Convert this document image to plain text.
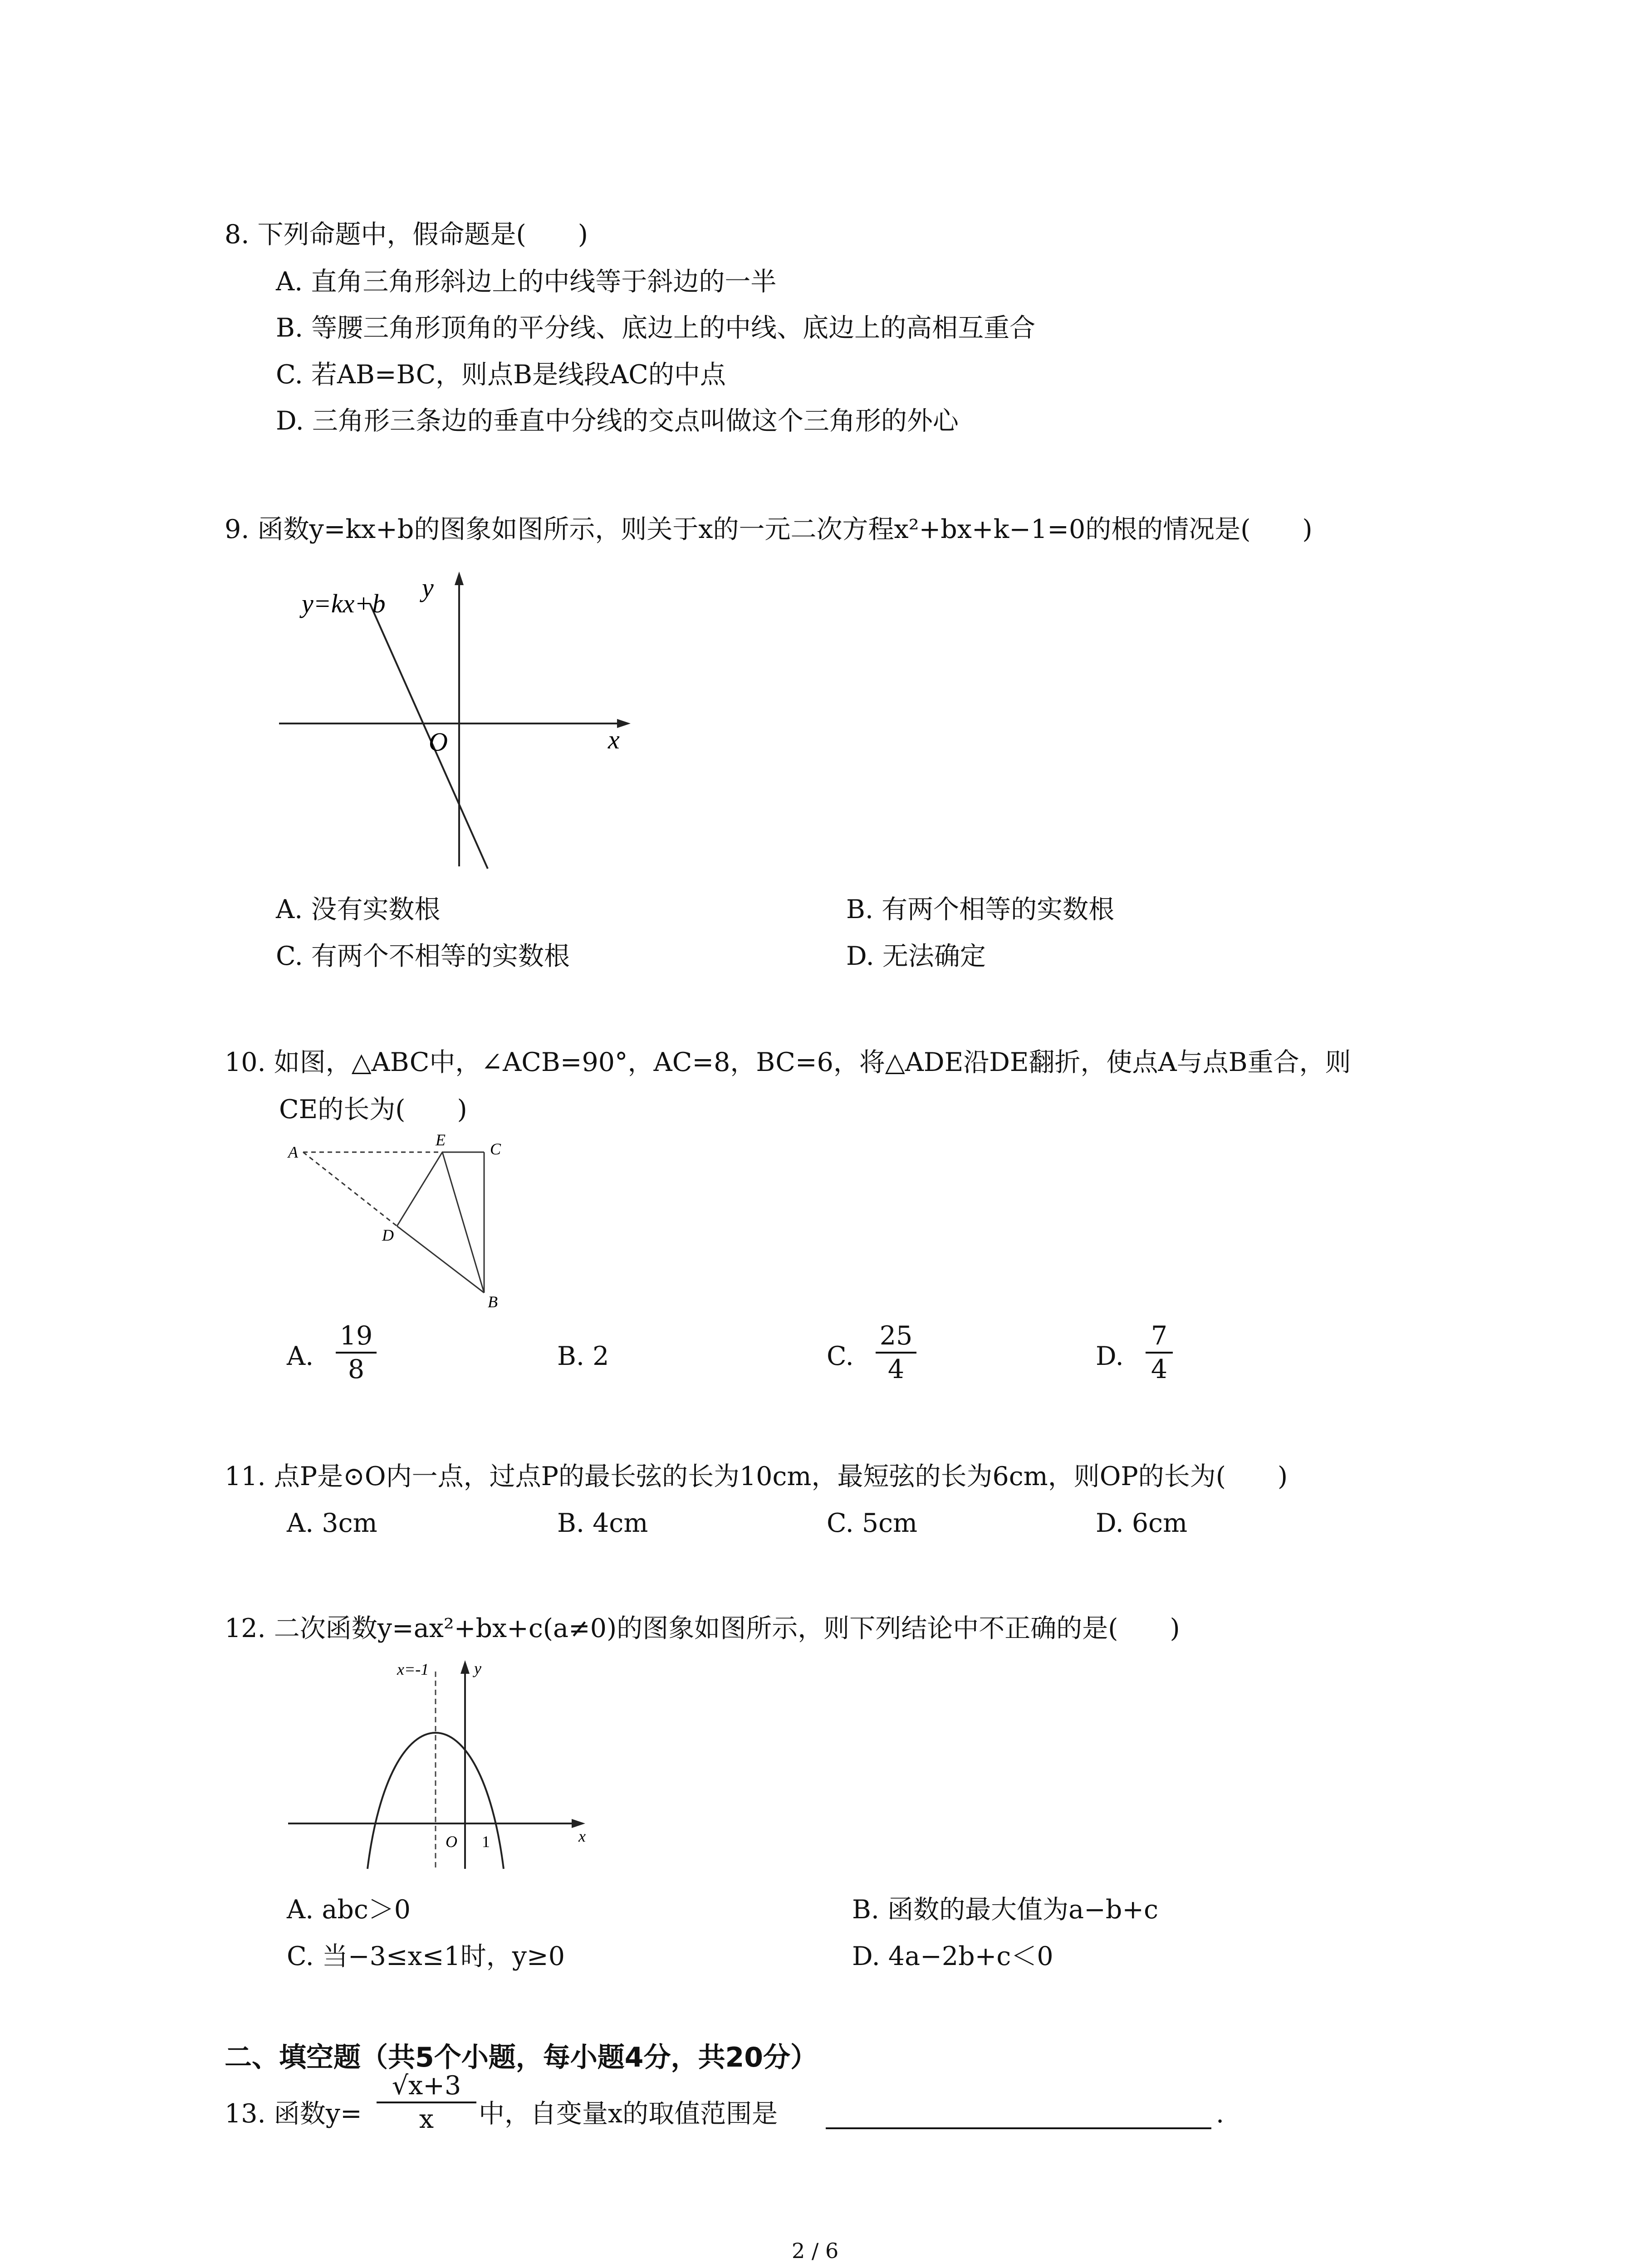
8. 下列命题中，假命题是(　　)
A. 直角三角形斜边上的中线等于斜边的一半
B. 等腰三角形顶角的平分线、底边上的中线、底边上的高相互重合
C. 若AB=BC，则点B是线段AC的中点
D. 三角形三条边的垂直中分线的交点叫做这个三角形的外心
9. 函数y=kx+b的图象如图所示，则关于x的一元二次方程x²+bx+k−1=0的根的情况是(　　)
y=kx+b
y
x
O
A. 没有实数根	B. 有两个相等的实数根
C. 有两个不相等的实数根	D. 无法确定
10. 如图，△ABC中，∠ACB=90°，AC=8，BC=6，将△ADE沿DE翻折，使点A与点B重合，则
CE的长为(　　)
A
E	C
D
B
A.
19
8	B. 2	C.
25
4	D.
7
4
11. 点P是⊙O内一点，过点P的最长弦的长为10cm，最短弦的长为6cm，则OP的长为(　　)
A. 3cm	B. 4cm	C. 5cm	D. 6cm
12. 二次函数y=ax²+bx+c(a≠0)的图象如图所示，则下列结论中不正确的是(　　)
x=-1	y
x
O 1
A. abc＞0	B. 函数的最大值为a−b+c
C. 当−3≤x≤1时，y≥0	D. 4a−2b+c＜0
二、填空题（共5个小题，每小题4分，共20分）
13. 函数y=
√x+3
x	中，自变量x的取值范围是	.
2 / 6
